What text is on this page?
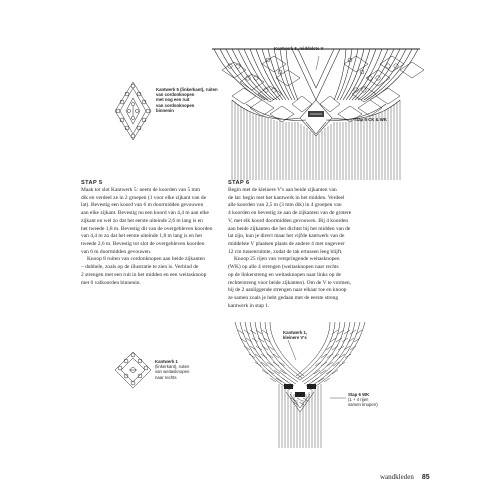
Kantwerk 5, middelste V
Kantwerk 5 (linkerkant), ruiten
van cordonknopen
met nog een ruit
van cordonknopen
binnenin
Stap 5 CK & WK
Kantwerk 1,
kleinere V's
Kantwerk 1
(linkerkant), ruiten
van weitasknopen
naar rechts
Stap 6 WK
(1 + 4 rijen
samen knopen)
STAP 5
Maak tot slot Kantwerk 5: neem de koorden van 5 mm
dik en verdeel ze in 2 groepen (1 voor elke zijkant van de
lat). Bevestig een koord van 6 m doormidden gevouwen
aan elke zijkant. Bevestig nu een koord van 4,4 m aan elke
zijkant en wel zo dat het eerste uiteinde 2,6 m lang is en
het tweede 1,8 m. Bevestig dit van de overgebleven koorden
van 4,4 m zo dat het eerste uiteinde 1,8 m lang is en het
tweede 2,6 m. Bevestig tot slot de overgebleven koorden
van 6 m doormidden gevouwen.
Knoop 8 ruiten van cordonknopen aan beide zijkanten
– dubbele, zoals op de illustratie te zien is. Verbind de
2 strengen met een ruit in het midden en een weitasknoop
met 6 valkoorden binnenin.
STAP 6
Begin met de kleinere V's aan beide zijkanten van
de lat: begin met het kantwerk in het midden. Verdeel
alle koorden van 2,5 m (3 mm dik) in 4 groepen van
4 koorden en bevestig ze aan de zijkanten van de grotere
V, met elk koord doormidden gevouwen. Bij 4 koorden
aan beide zijkanten die het dichtst bij het midden van de
lat zijn, kun je direct maar het vijfde kantwerk van de
middelste V plaatsen plaats de andere 4 met ongeveer
12 cm tussenruimte, zodat de tak ertussen leeg blijft.
Knoop 25 rijen van verspringende weitasknopen
(WK) op alle 4 strengen (weitasknopen naar rechts
op de linkerstreng en weitasknopen naar links op de
rechterstreng voor beide zijkanten). Om de V te vormen,
bij de 2 aanliggende strengen naar elkaar toe en knoop
ze samen zoals je hebt gedaan met de eerste streng
kantwerk in stap 1.
wandkleden 85
